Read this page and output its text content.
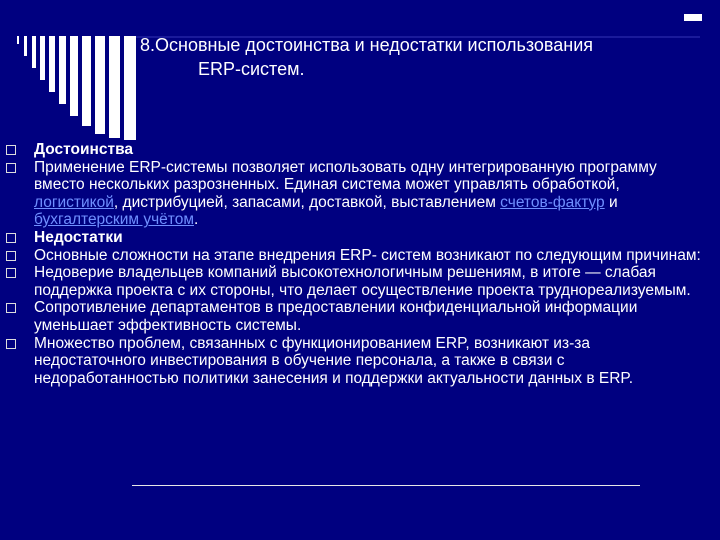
8.Основные достоинства и недостатки использования
ERP-систем.
Достоинства
Применение ERP-системы позволяет использовать одну интегрированную программу вместо нескольких разрозненных. Единая система может управлять обработкой, логистикой, дистрибуцией, запасами, доставкой, выставлением счетов-фактур и бухгалтерским учётом.
Недостатки
Основные сложности на этапе внедрения ERP- систем возникают по следующим причинам:
Недоверие владельцев компаний высокотехнологичным решениям, в итоге — слабая поддержка проекта с их стороны, что делает осуществление проекта труднореализуемым.
Сопротивление департаментов в предоставлении конфиденциальной информации уменьшает эффективность системы.
Множество проблем, связанных с функционированием ERP, возникают из-за недостаточного инвестирования в обучение персонала, а также в связи с недоработанностью политики занесения и поддержки актуальности данных в ERP.
